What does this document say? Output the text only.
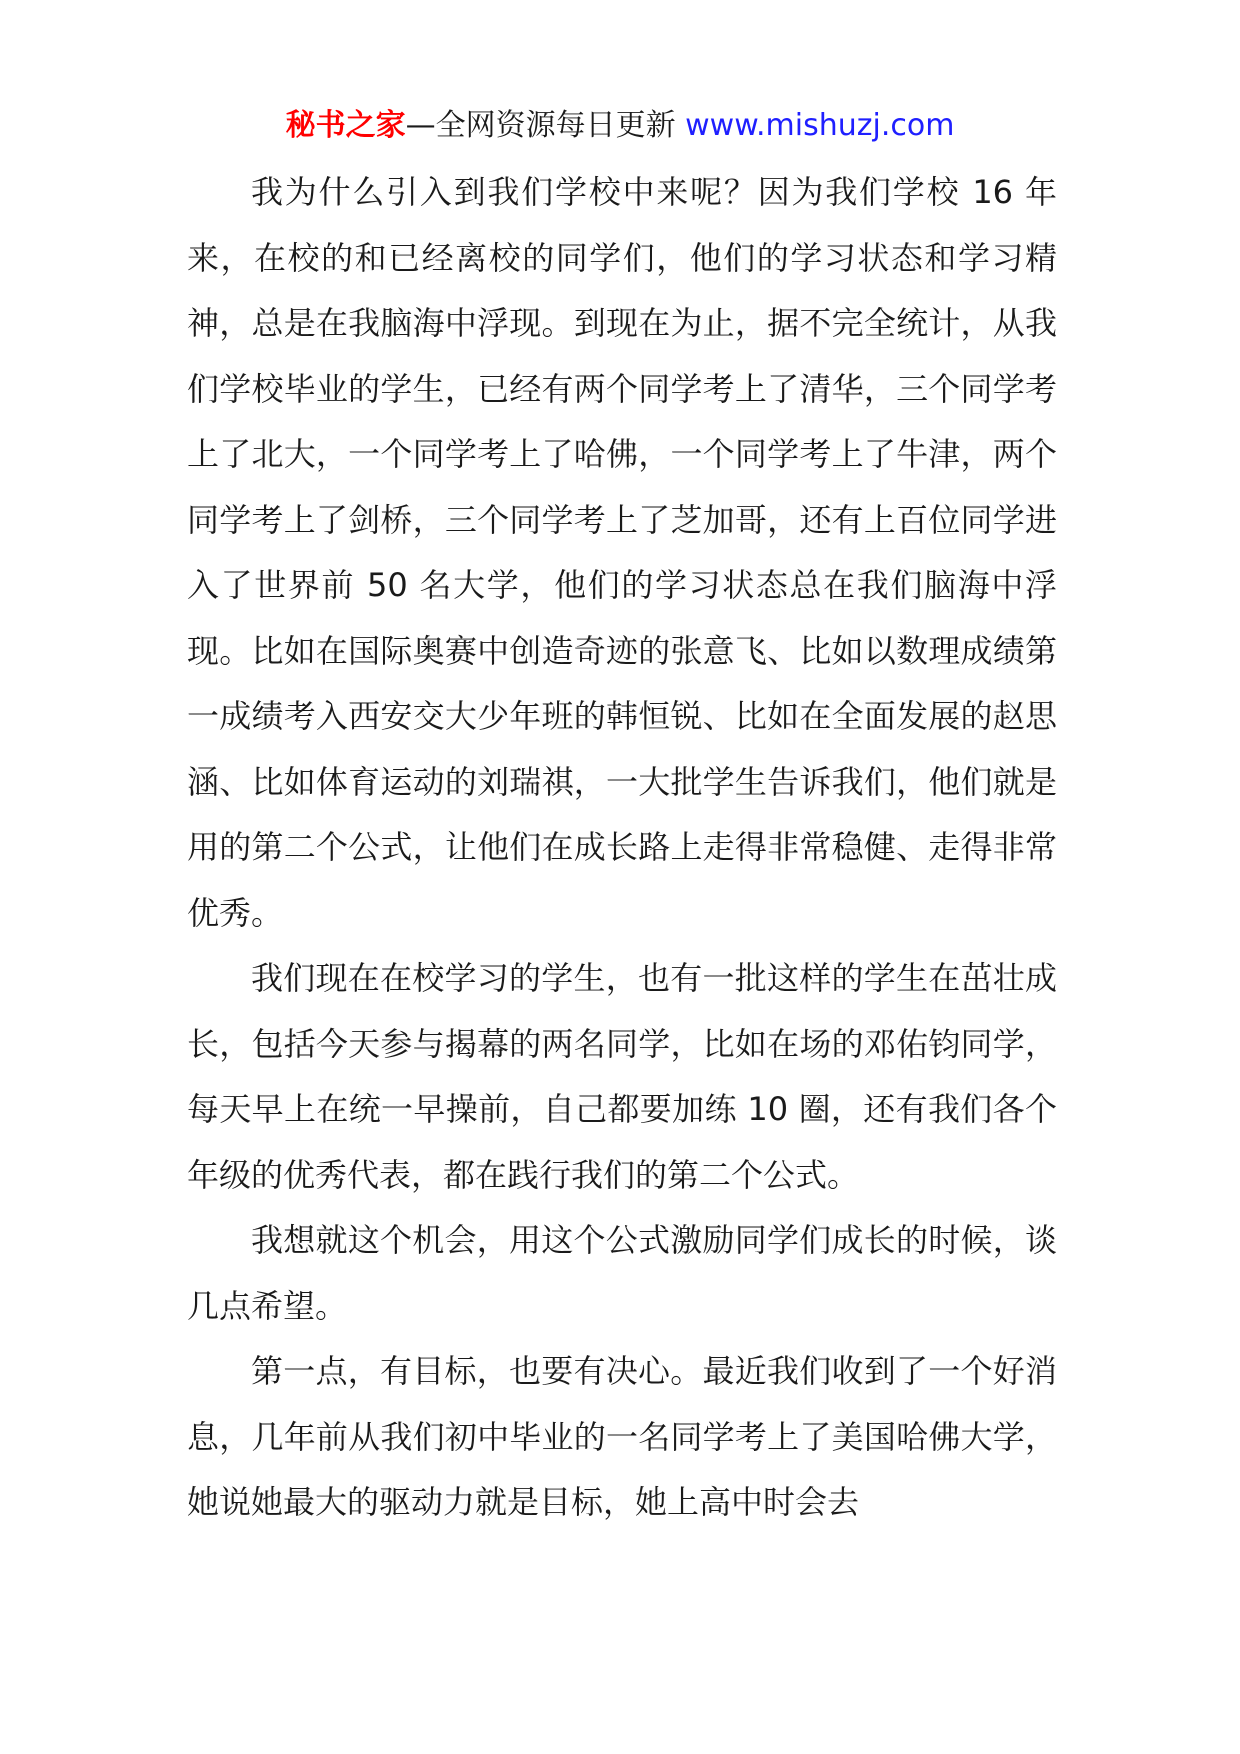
秘书之家—全网资源每日更新 www.mishuzj.com

我为什么引入到我们学校中来呢？因为我们学校 16 年来，在校的和已经离校的同学们，他们的学习状态和学习精神，总是在我脑海中浮现。到现在为止，据不完全统计，从我们学校毕业的学生，已经有两个同学考上了清华，三个同学考上了北大，一个同学考上了哈佛，一个同学考上了牛津，两个同学考上了剑桥，三个同学考上了芝加哥，还有上百位同学进入了世界前 50 名大学，他们的学习状态总在我们脑海中浮现。比如在国际奥赛中创造奇迹的张意飞、比如以数理成绩第一成绩考入西安交大少年班的韩恒锐、比如在全面发展的赵思涵、比如体育运动的刘瑞祺，一大批学生告诉我们，他们就是用的第二个公式，让他们在成长路上走得非常稳健、走得非常优秀。

我们现在在校学习的学生，也有一批这样的学生在茁壮成长，包括今天参与揭幕的两名同学，比如在场的邓佑钧同学，每天早上在统一早操前，自己都要加练 10 圈，还有我们各个年级的优秀代表，都在践行我们的第二个公式。

我想就这个机会，用这个公式激励同学们成长的时候，谈几点希望。

第一点，有目标，也要有决心。最近我们收到了一个好消息，几年前从我们初中毕业的一名同学考上了美国哈佛大学，她说她最大的驱动力就是目标，她上高中时会去
